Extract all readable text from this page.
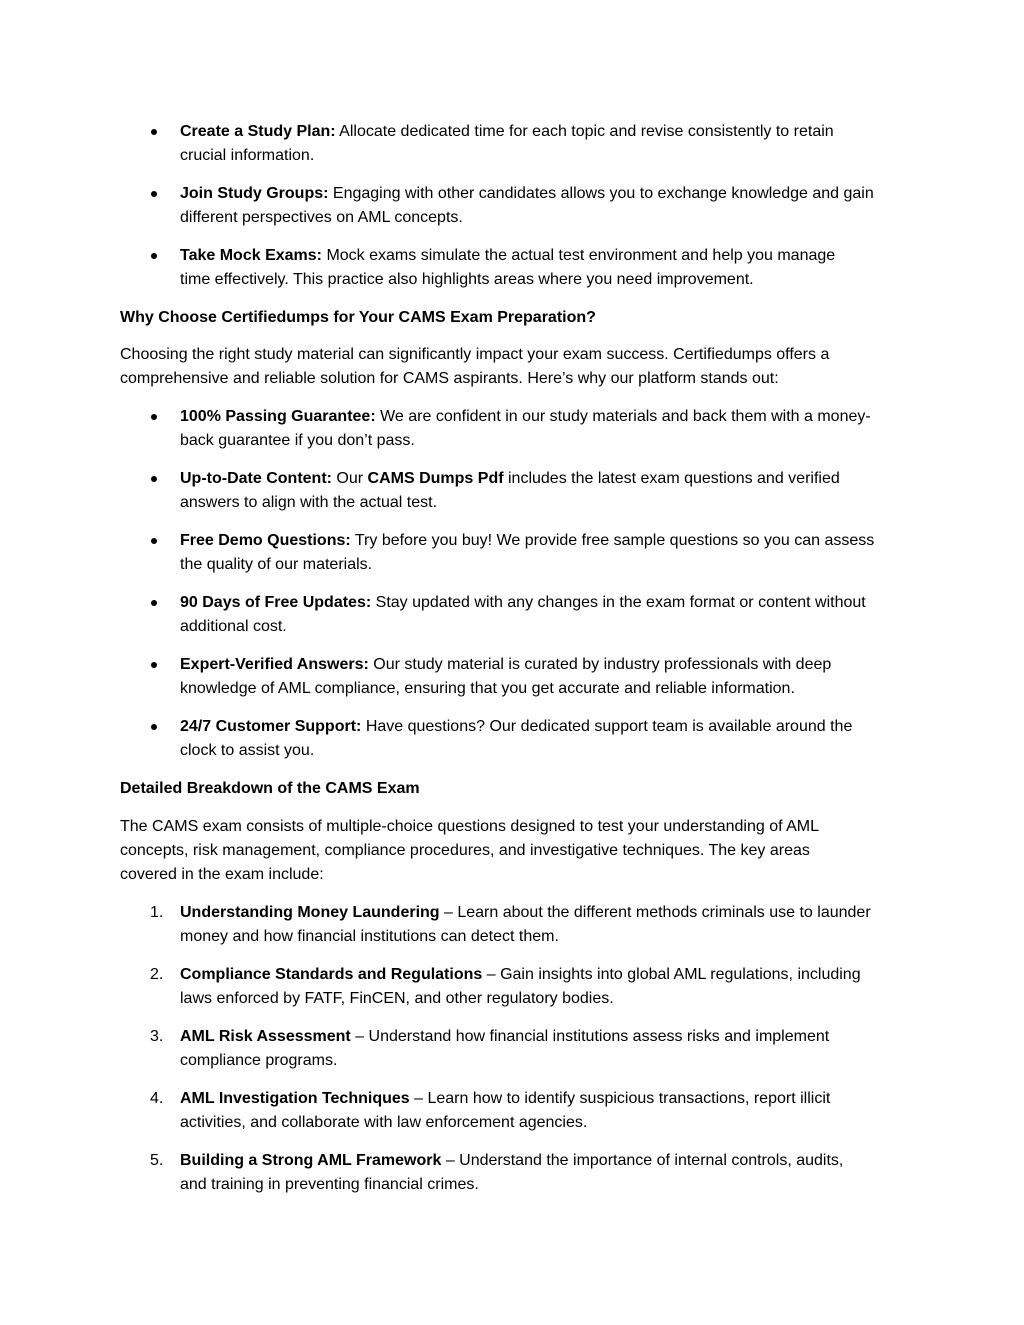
Create a Study Plan: Allocate dedicated time for each topic and revise consistently to retain
crucial information.
Join Study Groups: Engaging with other candidates allows you to exchange knowledge and gain
different perspectives on AML concepts.
Take Mock Exams: Mock exams simulate the actual test environment and help you manage
time effectively. This practice also highlights areas where you need improvement.
Why Choose Certifiedumps for Your CAMS Exam Preparation?
Choosing the right study material can significantly impact your exam success. Certifiedumps offers a
comprehensive and reliable solution for CAMS aspirants. Here’s why our platform stands out:
100% Passing Guarantee: We are confident in our study materials and back them with a money-
back guarantee if you don’t pass.
Up-to-Date Content: Our CAMS Dumps Pdf includes the latest exam questions and verified
answers to align with the actual test.
Free Demo Questions: Try before you buy! We provide free sample questions so you can assess
the quality of our materials.
90 Days of Free Updates: Stay updated with any changes in the exam format or content without
additional cost.
Expert-Verified Answers: Our study material is curated by industry professionals with deep
knowledge of AML compliance, ensuring that you get accurate and reliable information.
24/7 Customer Support: Have questions? Our dedicated support team is available around the
clock to assist you.
Detailed Breakdown of the CAMS Exam
The CAMS exam consists of multiple-choice questions designed to test your understanding of AML
concepts, risk management, compliance procedures, and investigative techniques. The key areas
covered in the exam include:
1. Understanding Money Laundering – Learn about the different methods criminals use to launder
money and how financial institutions can detect them.
2. Compliance Standards and Regulations – Gain insights into global AML regulations, including
laws enforced by FATF, FinCEN, and other regulatory bodies.
3. AML Risk Assessment – Understand how financial institutions assess risks and implement
compliance programs.
4. AML Investigation Techniques – Learn how to identify suspicious transactions, report illicit
activities, and collaborate with law enforcement agencies.
5. Building a Strong AML Framework – Understand the importance of internal controls, audits,
and training in preventing financial crimes.
